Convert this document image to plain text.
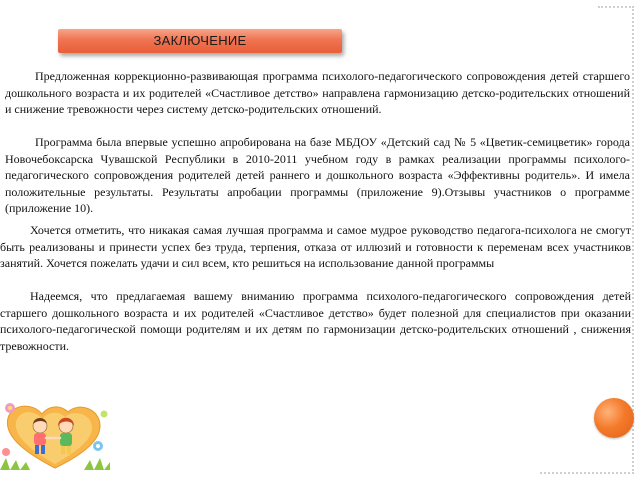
ЗАКЛЮЧЕНИЕ

Предложенная коррекционно-развивающая программа психолого-педагогического сопровождения детей старшего дошкольного возраста и их родителей «Счастливое детство» направлена гармонизацию детско-родительских отношений и снижение тревожности через систему детско-родительских отношений.

Программа была впервые успешно апробирована на базе МБДОУ «Детский сад № 5 «Цветик-семицветик» города Новочебоксарска Чувашской Республики в 2010-2011 учебном году в рамках реализации программы психолого-педагогического сопровождения родителей детей раннего и дошкольного возраста «Эффективны родитель». И имела положительные результаты. Результаты апробации программы (приложение 9).Отзывы участников о программе (приложение 10).

Хочется отметить, что никакая самая лучшая программа и самое мудрое руководство педагога-психолога не смогут быть реализованы и принести успех без труда, терпения, отказа от иллюзий и готовности к переменам всех участников занятий. Хочется пожелать удачи и сил всем, кто решиться на использование данной программы

Надеемся, что предлагаемая вашему вниманию программа психолого-педагогического сопровождения детей старшего дошкольного возраста и их родителей «Счастливое детство» будет полезной для специалистов при оказании психолого-педагогической помощи родителям и их детям по гармонизации детско-родительских отношений , снижения тревожности.
